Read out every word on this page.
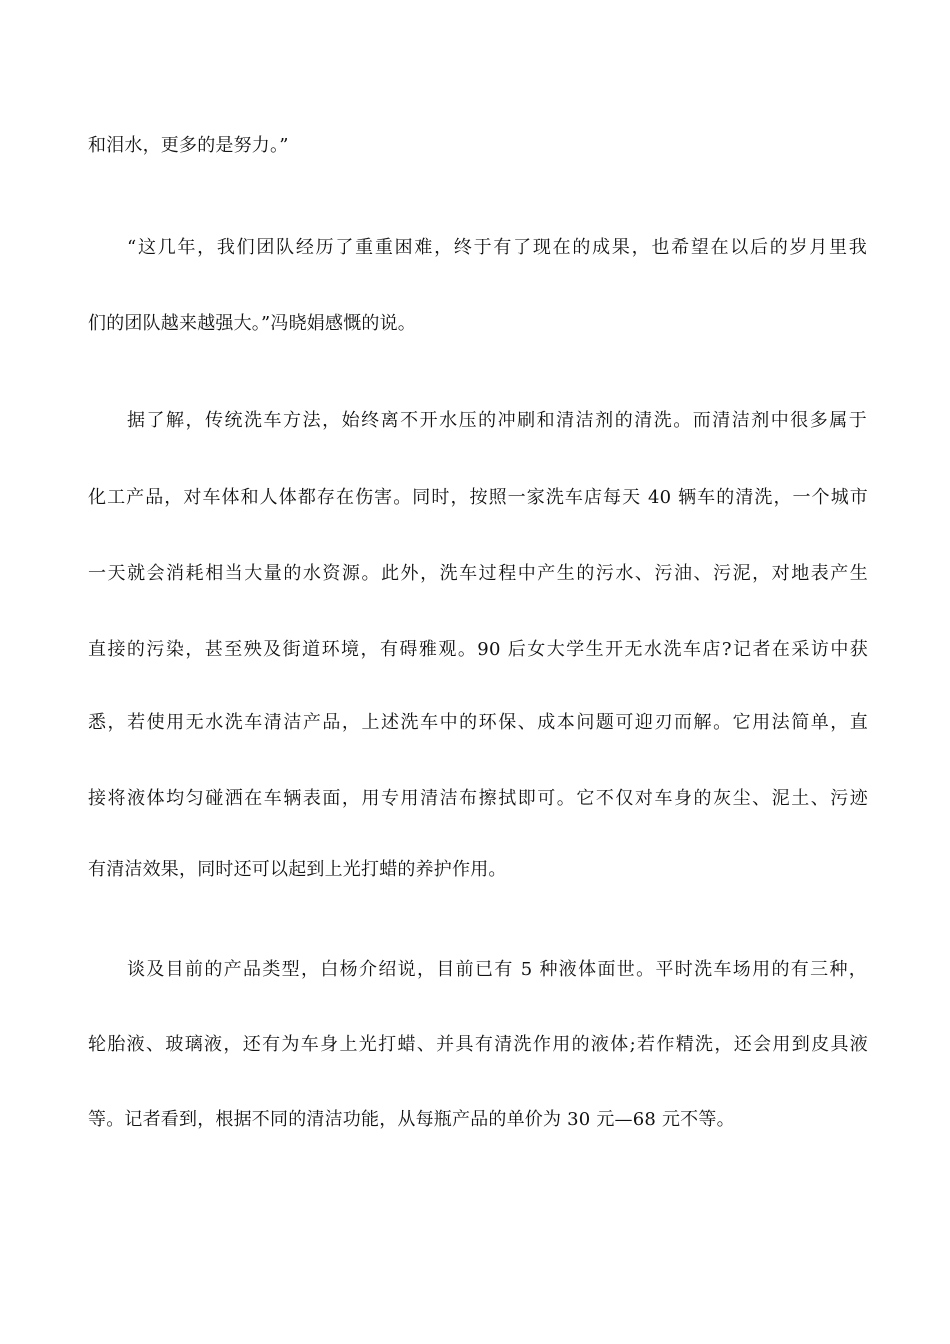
和泪水，更多的是努力。”
“这几年，我们团队经历了重重困难，终于有了现在的成果，也希望在以后的岁月里我
们的团队越来越强大。”冯晓娟感慨的说。
据了解，传统洗车方法，始终离不开水压的冲刷和清洁剂的清洗。而清洁剂中很多属于
化工产品，对车体和人体都存在伤害。同时，按照一家洗车店每天 40 辆车的清洗，一个城市
一天就会消耗相当大量的水资源。此外，洗车过程中产生的污水、污油、污泥，对地表产生
直接的污染，甚至殃及街道环境，有碍雅观。90 后女大学生开无水洗车店?记者在采访中获
悉，若使用无水洗车清洁产品，上述洗车中的环保、成本问题可迎刃而解。它用法简单，直
接将液体均匀碰洒在车辆表面，用专用清洁布擦拭即可。它不仅对车身的灰尘、泥土、污迹
有清洁效果，同时还可以起到上光打蜡的养护作用。
谈及目前的产品类型，白杨介绍说，目前已有 5 种液体面世。平时洗车场用的有三种，
轮胎液、玻璃液，还有为车身上光打蜡、并具有清洗作用的液体;若作精洗，还会用到皮具液
等。记者看到，根据不同的清洁功能，从每瓶产品的单价为 30 元—68 元不等。
